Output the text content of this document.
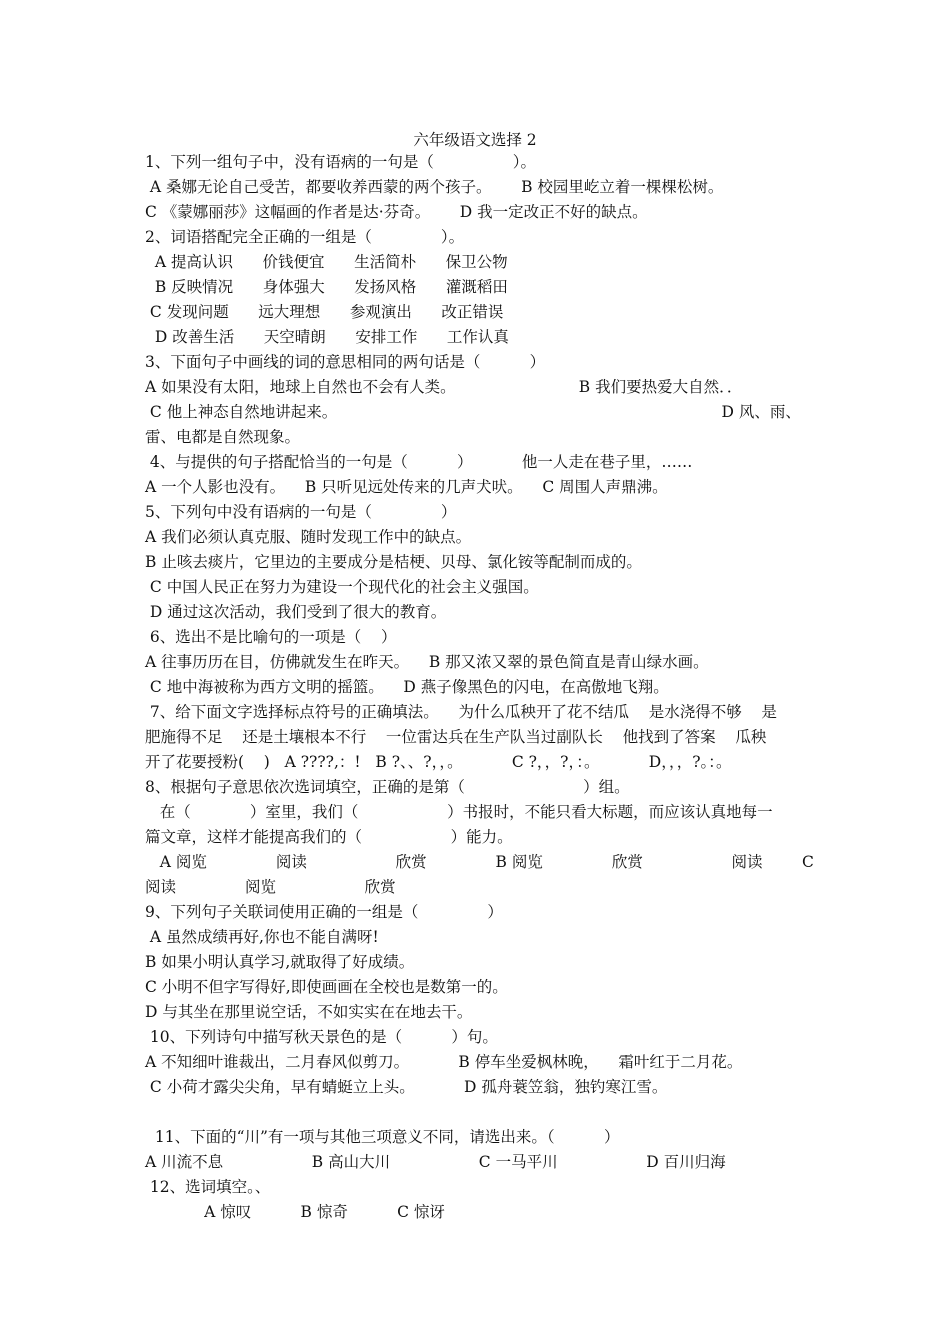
六年级语文选择 2
1、下列一组句子中，没有语病的一句是（                ）。
A 桑娜无论自己受苦，都要收养西蒙的两个孩子。      B 校园里屹立着一棵棵松树。
C 《蒙娜丽莎》这幅画的作者是达·芬奇。      D 我一定改正不好的缺点。
2、词语搭配完全正确的一组是（              ）。
A 提高认识      价钱便宜      生活简朴      保卫公物
B 反映情况      身体强大      发扬风格      灌溉稻田
C 发现问题      远大理想      参观演出      改正错误
D 改善生活      天空晴朗      安排工作      工作认真
3、下面句子中画线的词的意思相同的两句话是（          ）
A 如果没有太阳，地球上自然也不会有人类。                         B 我们要热爱大自然．．
C 他上神态自然地讲起来。                                                                              D 风、雨、
雷、电都是自然现象。
4、与提供的句子搭配恰当的一句是（          ）          他一人走在巷子里，……
A 一个人影也没有。    B 只听见远处传来的几声犬吠。    C 周围人声鼎沸。
5、下列句中没有语病的一句是（              ）
A 我们必须认真克服、随时发现工作中的缺点。
B 止咳去痰片，它里边的主要成分是桔梗、贝母、氯化铵等配制而成的。
C 中国人民正在努力为建设一个现代化的社会主义强国。
D 通过这次活动，我们受到了很大的教育。
6、选出不是比喻句的一项是（    ）
A 往事历历在目，仿佛就发生在昨天。    B 那又浓又翠的景色简直是青山绿水画。
C 地中海被称为西方文明的摇篮。    D 燕子像黑色的闪电，在高傲地飞翔。
7、给下面文字选择标点符号的正确填法。    为什么瓜秧开了花不结瓜    是水浇得不够    是
肥施得不足    还是土壤根本不行    一位雷达兵在生产队当过副队长    他找到了答案    瓜秧
开了花要授粉(    )   A ????,：!   B ?、、?，，。          C ?，，?，：。          D，，，?。：。
8、根据句子意思依次选词填空，正确的是第（                        ）组。
在（            ）室里，我们（                  ）书报时，不能只看大标题，而应该认真地每一
篇文章，这样才能提高我们的（                  ）能力。
A 阅览              阅读                  欣赏              B 阅览              欣赏                  阅读        C
阅读              阅览                  欣赏
9、下列句子关联词使用正确的一组是（              ）
A 虽然成绩再好,你也不能自满呀!
B 如果小明认真学习,就取得了好成绩。
C 小明不但字写得好,即使画画在全校也是数第一的。
D 与其坐在那里说空话，不如实实在在地去干。
10、下列诗句中描写秋天景色的是（          ）句。
A 不知细叶谁裁出，二月春风似剪刀。          B 停车坐爱枫林晚，    霜叶红于二月花。
C 小荷才露尖尖角，早有蜻蜓立上头。          D 孤舟蓑笠翁，独钓寒江雪。
11、下面的“川”有一项与其他三项意义不同，请选出来。（          ）
A 川流不息                  B 高山大川                  C 一马平川                  D 百川归海
12、选词填空。、
A 惊叹          B 惊奇          C 惊讶
